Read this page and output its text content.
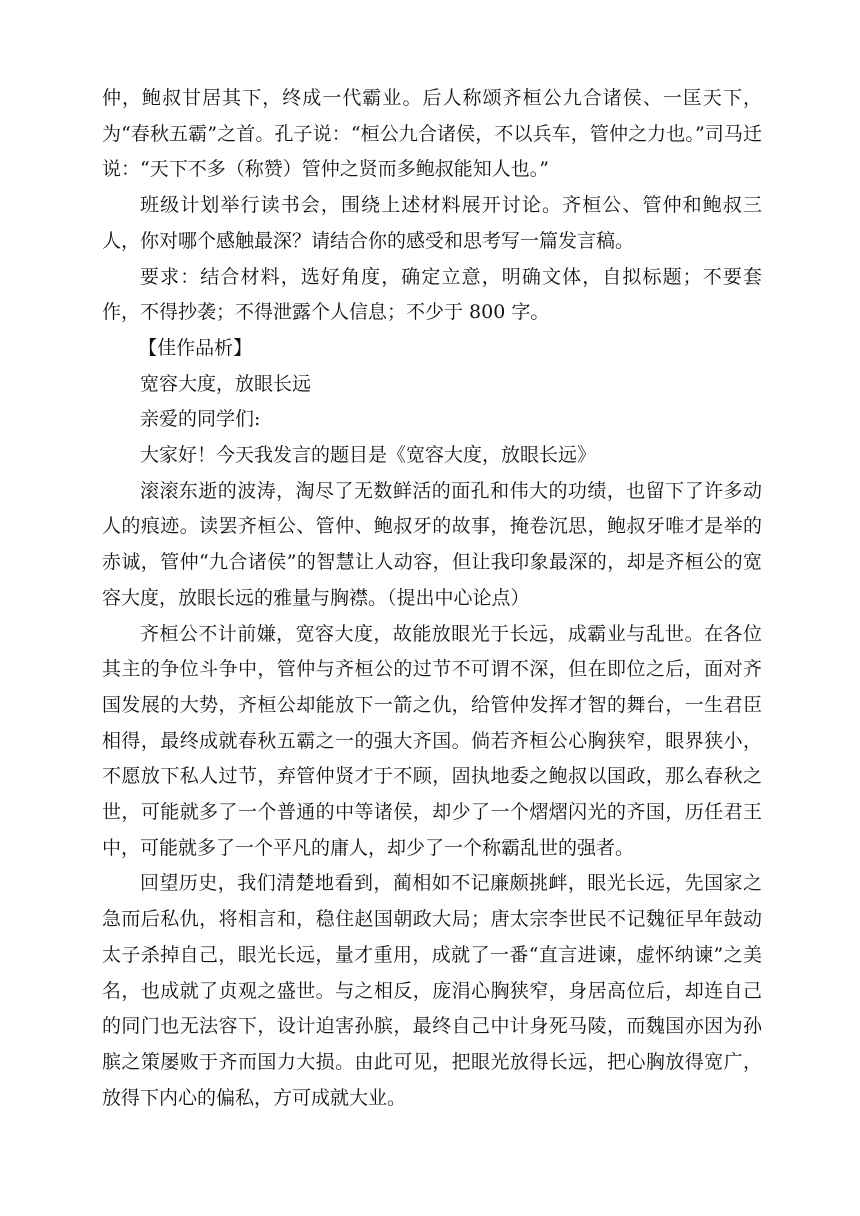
仲，鲍叔甘居其下，终成一代霸业。后人称颂齐桓公九合诸侯、一匡天下，为“春秋五霸”之首。孔子说：“桓公九合诸侯，不以兵车，管仲之力也。”司马迁说：“天下不多（称赞）管仲之贤而多鲍叔能知人也。”

班级计划举行读书会，围绕上述材料展开讨论。齐桓公、管仲和鲍叔三人，你对哪个感触最深？请结合你的感受和思考写一篇发言稿。

要求：结合材料，选好角度，确定立意，明确文体，自拟标题；不要套作，不得抄袭；不得泄露个人信息；不少于 800 字。

【佳作品析】

宽容大度，放眼长远

亲爱的同学们:

大家好！今天我发言的题目是《宽容大度，放眼长远》

滚滚东逝的波涛，淘尽了无数鲜活的面孔和伟大的功绩，也留下了许多动人的痕迹。读罢齐桓公、管仲、鲍叔牙的故事，掩卷沉思，鲍叔牙唯才是举的赤诚，管仲“九合诸侯”的智慧让人动容，但让我印象最深的，却是齐桓公的宽容大度，放眼长远的雅量与胸襟。（提出中心论点）

齐桓公不计前嫌，宽容大度，故能放眼光于长远，成霸业与乱世。在各位其主的争位斗争中，管仲与齐桓公的过节不可谓不深，但在即位之后，面对齐国发展的大势，齐桓公却能放下一箭之仇，给管仲发挥才智的舞台，一生君臣相得，最终成就春秋五霸之一的强大齐国。倘若齐桓公心胸狭窄，眼界狭小，不愿放下私人过节，弃管仲贤才于不顾，固执地委之鲍叔以国政，那么春秋之世，可能就多了一个普通的中等诸侯，却少了一个熠熠闪光的齐国，历任君王中，可能就多了一个平凡的庸人，却少了一个称霸乱世的强者。

回望历史，我们清楚地看到，蔺相如不记廉颇挑衅，眼光长远，先国家之急而后私仇，将相言和，稳住赵国朝政大局；唐太宗李世民不记魏征早年鼓动太子杀掉自己，眼光长远，量才重用，成就了一番“直言进谏，虚怀纳谏”之美名，也成就了贞观之盛世。与之相反，庞涓心胸狭窄，身居高位后，却连自己的同门也无法容下，设计迫害孙膑，最终自己中计身死马陵，而魏国亦因为孙膑之策屡败于齐而国力大损。由此可见，把眼光放得长远，把心胸放得宽广，放得下内心的偏私，方可成就大业。
